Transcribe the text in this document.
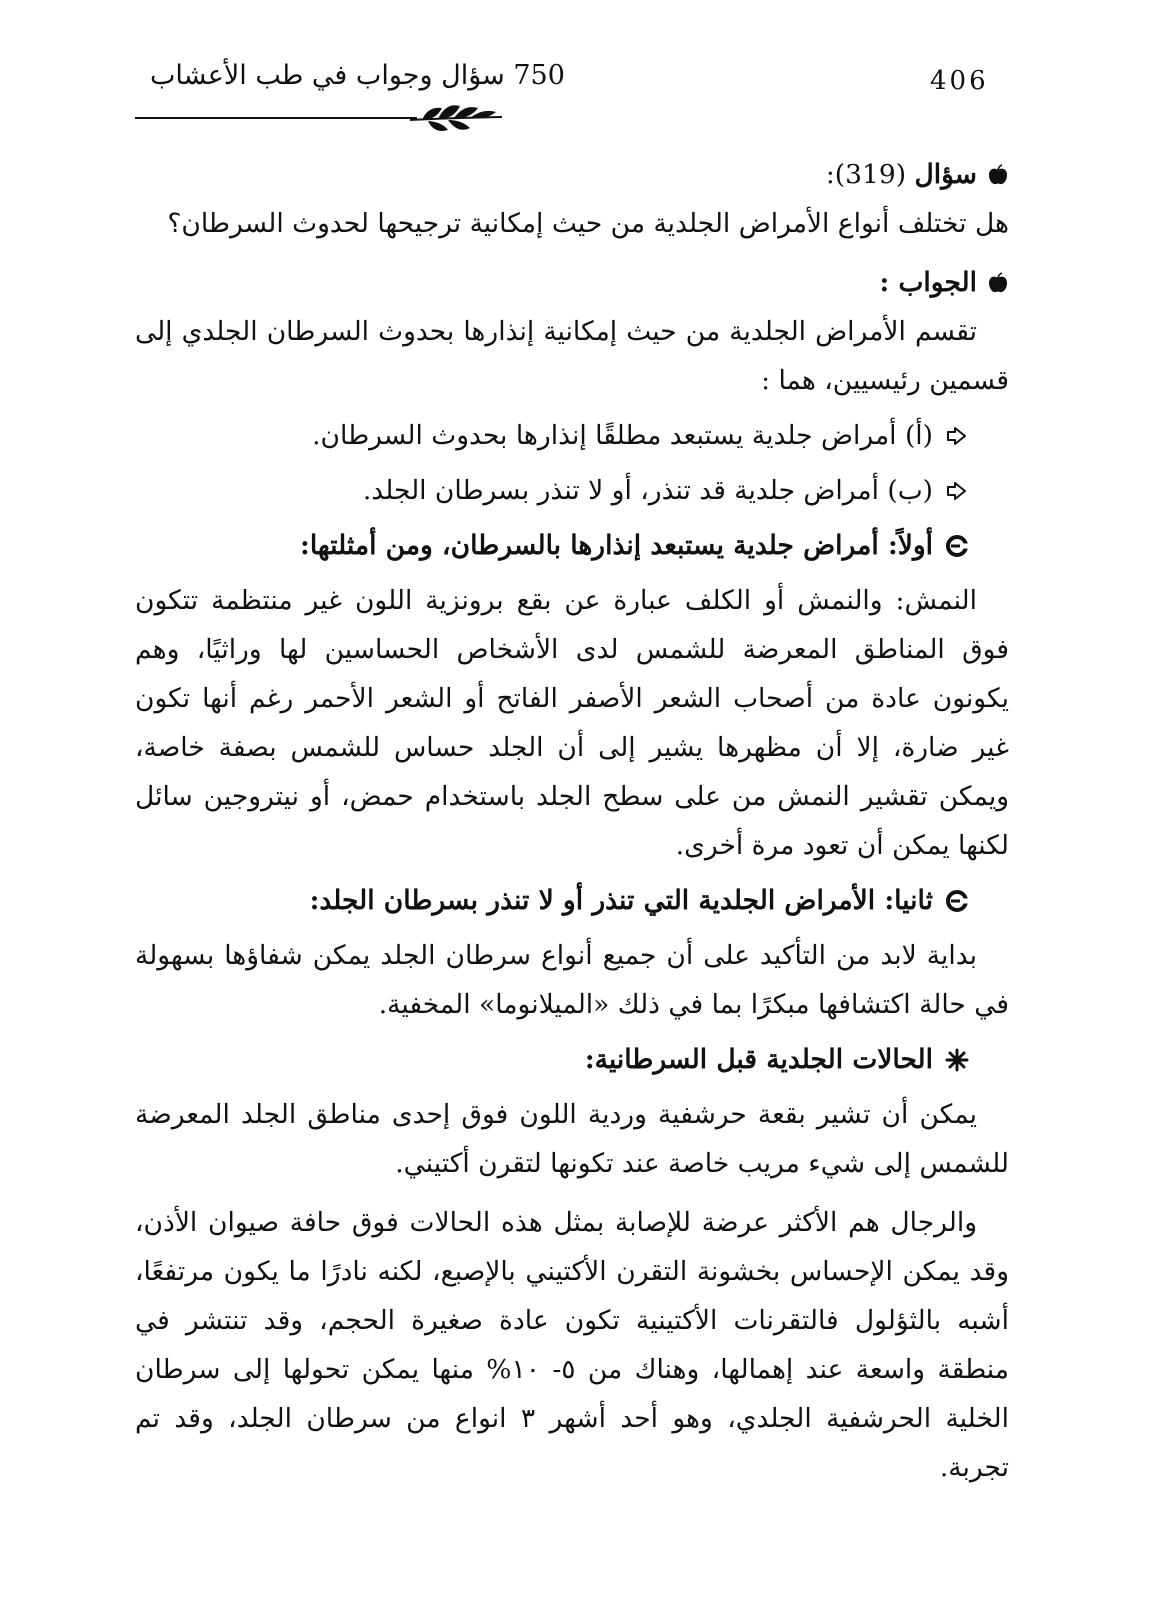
406
750 سؤال وجواب في طب الأعشاب

سؤال (319):

هل تختلف أنواع الأمراض الجلدية من حيث إمكانية ترجيحها لحدوث السرطان؟

الجواب :

تقسم الأمراض الجلدية من حيث إمكانية إنذارها بحدوث السرطان الجلدي إلى قسمين رئيسيين، هما :

(أ) أمراض جلدية يستبعد مطلقًا إنذارها بحدوث السرطان.

(ب) أمراض جلدية قد تنذر، أو لا تنذر بسرطان الجلد.

أولاً: أمراض جلدية يستبعد إنذارها بالسرطان، ومن أمثلتها:

النمش: والنمش أو الكلف عبارة عن بقع برونزية اللون غير منتظمة تتكون فوق المناطق المعرضة للشمس لدى الأشخاص الحساسين لها وراثيًا، وهم يكونون عادة من أصحاب الشعر الأصفر الفاتح أو الشعر الأحمر رغم أنها تكون غير ضارة، إلا أن مظهرها يشير إلى أن الجلد حساس للشمس بصفة خاصة، ويمكن تقشير النمش من على سطح الجلد باستخدام حمض، أو نيتروجين سائل لكنها يمكن أن تعود مرة أخرى.

ثانيا: الأمراض الجلدية التي تنذر أو لا تنذر بسرطان الجلد:

بداية لابد من التأكيد على أن جميع أنواع سرطان الجلد يمكن شفاؤها بسهولة في حالة اكتشافها مبكرًا بما في ذلك «الميلانوما» المخفية.

الحالات الجلدية قبل السرطانية:

يمكن أن تشير بقعة حرشفية وردية اللون فوق إحدى مناطق الجلد المعرضة للشمس إلى شيء مريب خاصة عند تكونها لتقرن أكتيني.

والرجال هم الأكثر عرضة للإصابة بمثل هذه الحالات فوق حافة صيوان الأذن، وقد يمكن الإحساس بخشونة التقرن الأكتيني بالإصبع، لكنه نادرًا ما يكون مرتفعًا، أشبه بالثؤلول فالتقرنات الأكتينية تكون عادة صغيرة الحجم، وقد تنتشر في منطقة واسعة عند إهمالها، وهناك من ٥- ١٠% منها يمكن تحولها إلى سرطان الخلية الحرشفية الجلدي، وهو أحد أشهر ٣ انواع من سرطان الجلد، وقد تم تجربة.
